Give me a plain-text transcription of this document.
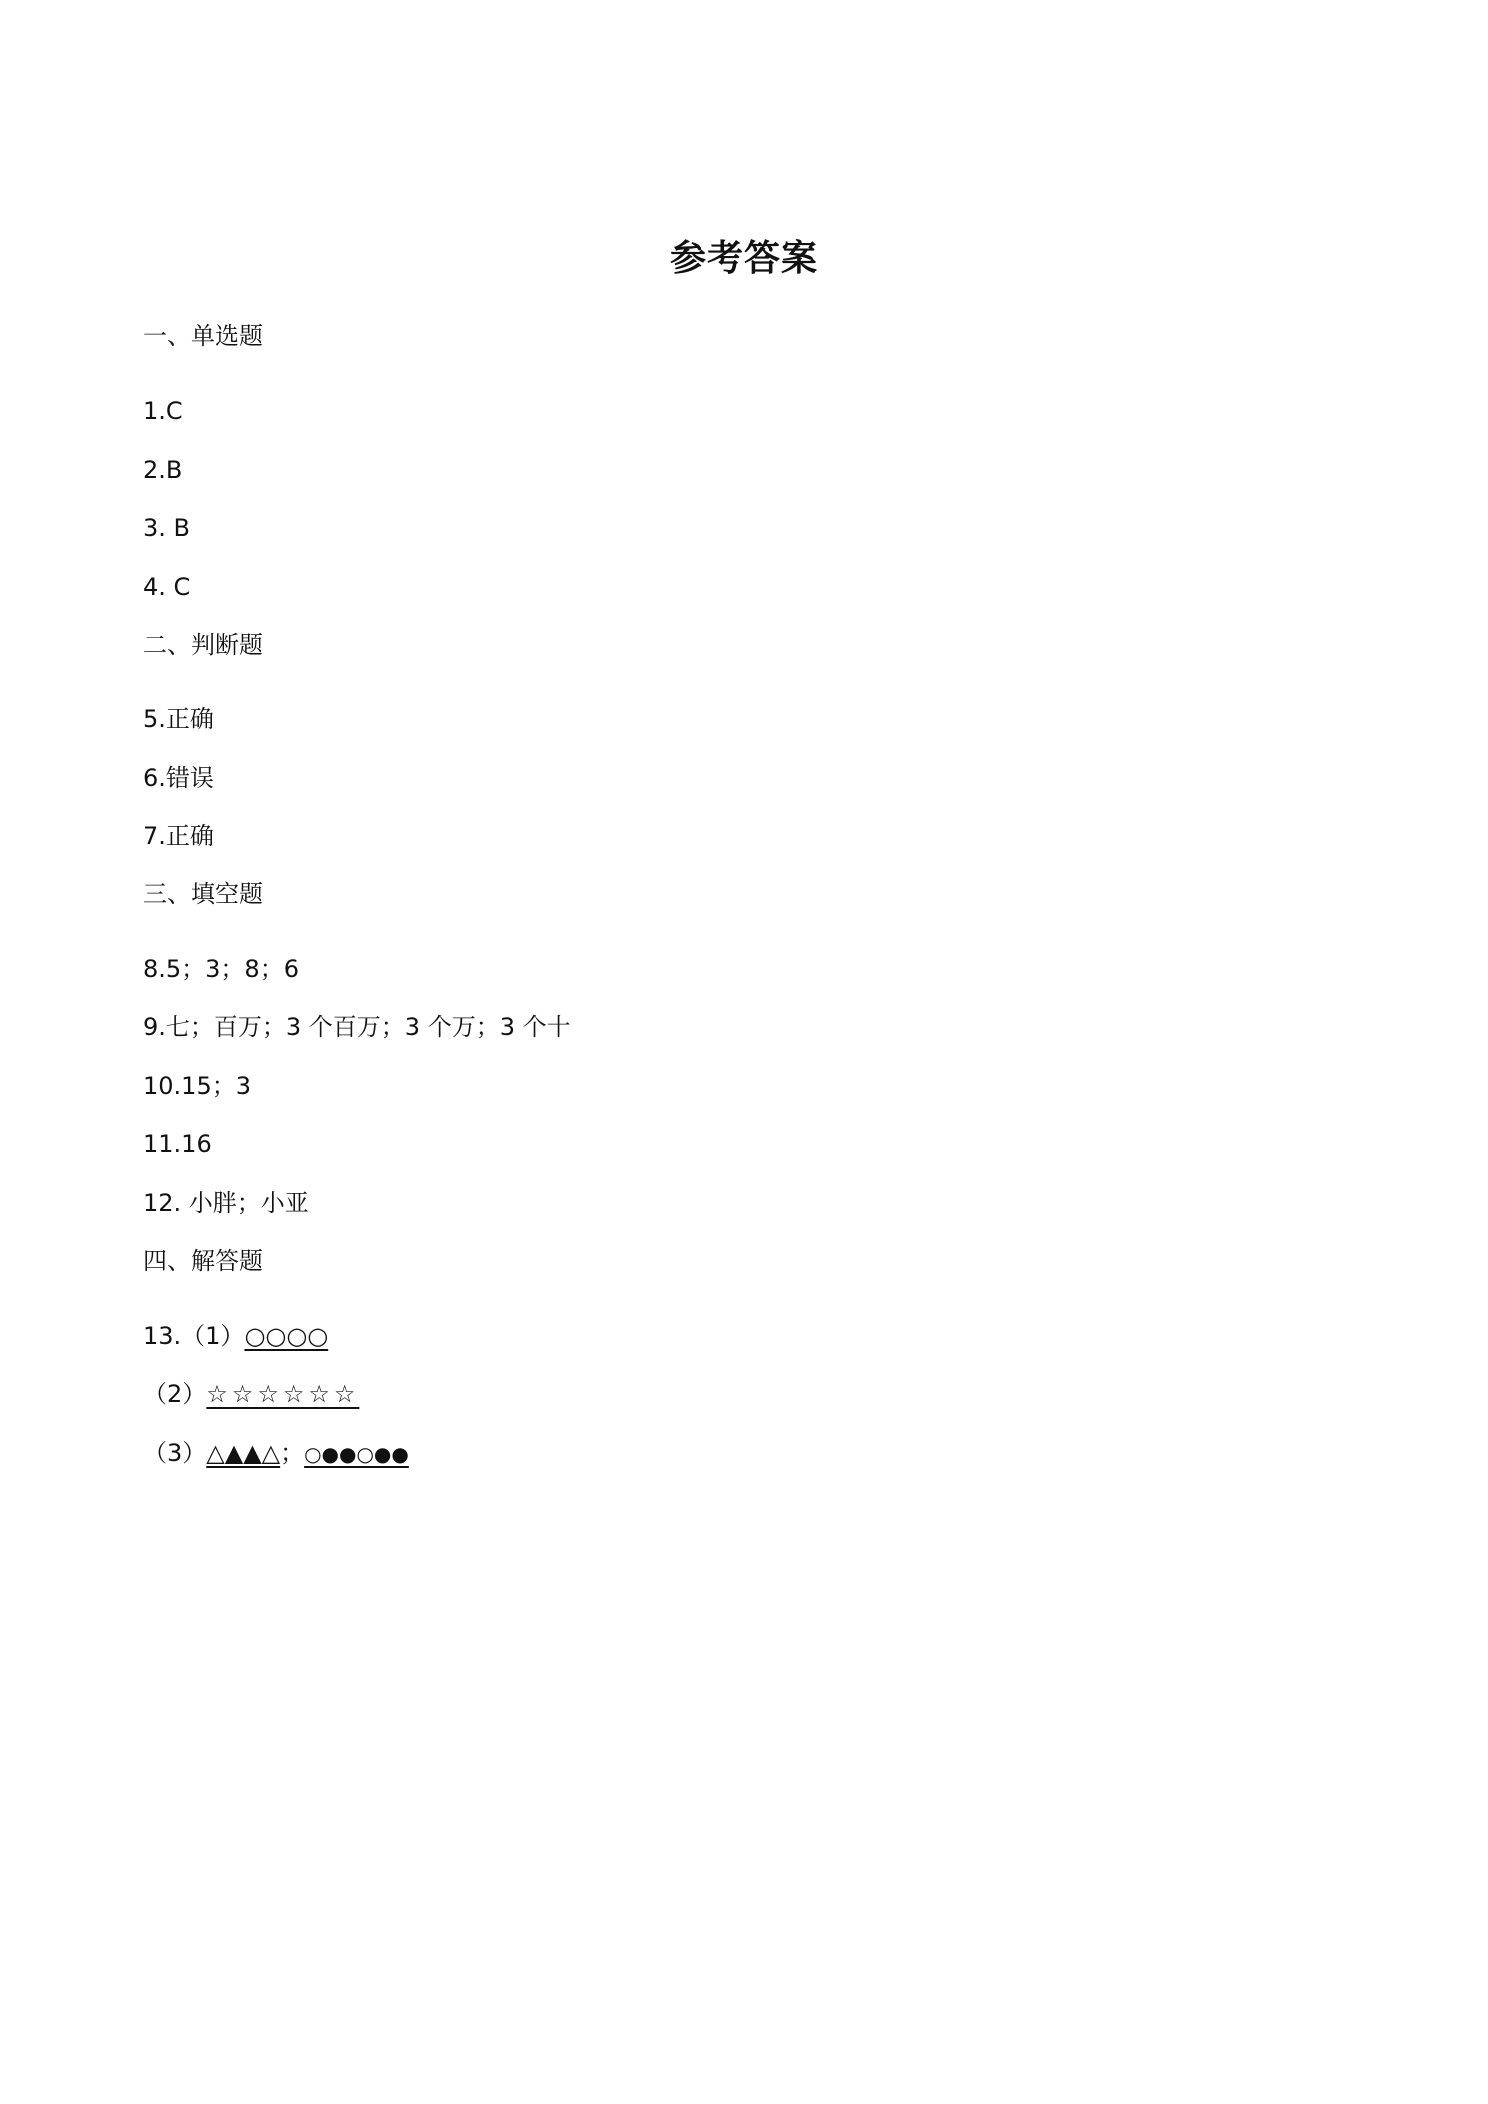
参考答案
一、单选题
1.C
2.B
3. B
4. C
二、判断题
5.正确
6.错误
7.正确
三、填空题
8.5；3；8；6
9.七；百万；3 个百万；3 个万；3 个十
10.15；3
11.16
12. 小胖；小亚
四、解答题
13.（1）○○○○
（2）☆☆☆☆☆☆
（3）△▲▲△；○●●○●●
